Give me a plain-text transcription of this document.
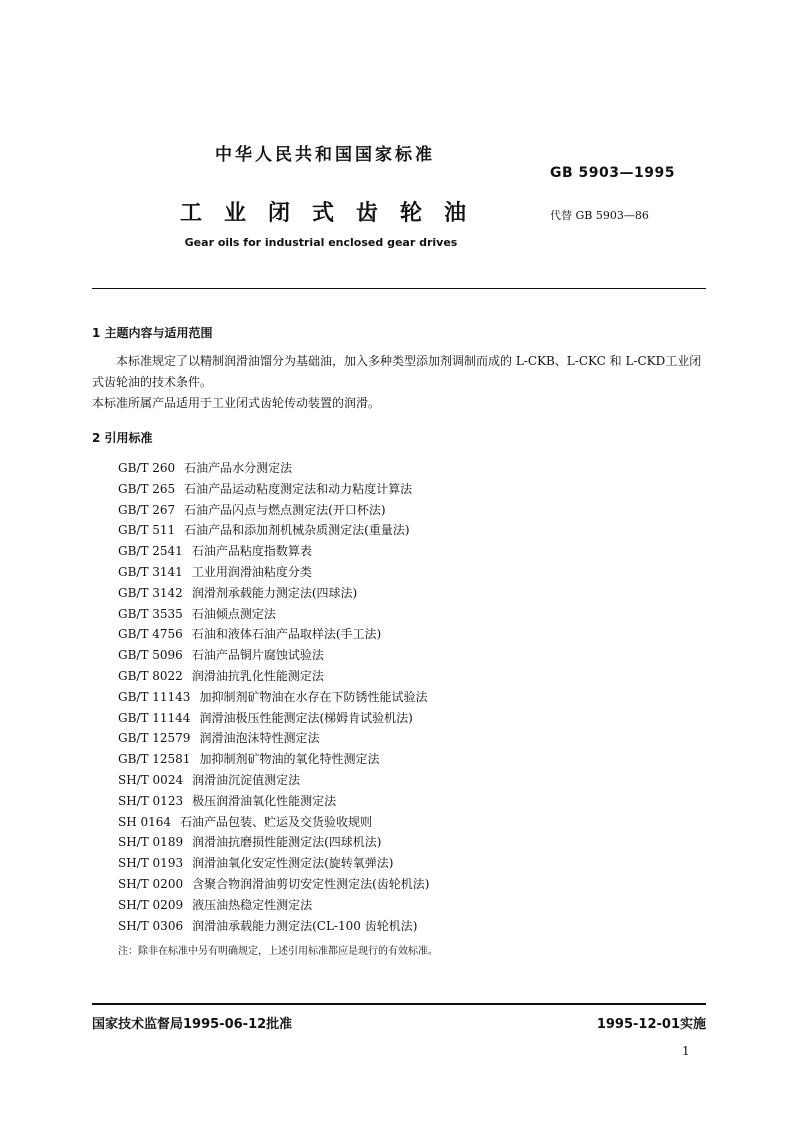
中华人民共和国国家标准
GB 5903—1995
工业闭式齿轮油	代替 GB 5903—86
Gear oils for industrial enclosed gear drives
1 主题内容与适用范围
本标准规定了以精制润滑油馏分为基础油，加入多种类型添加剂调制而成的 L-CKB、L-CKC 和 L-CKD工业闭式齿轮油的技术条件。
本标准所属产品适用于工业闭式齿轮传动装置的润滑。
2 引用标准
GB/T 260 石油产品水分测定法
GB/T 265 石油产品运动粘度测定法和动力粘度计算法
GB/T 267 石油产品闪点与燃点测定法(开口杯法)
GB/T 511 石油产品和添加剂机械杂质测定法(重量法)
GB/T 2541 石油产品粘度指数算表
GB/T 3141 工业用润滑油粘度分类
GB/T 3142 润滑剂承载能力测定法(四球法)
GB/T 3535 石油倾点测定法
GB/T 4756 石油和液体石油产品取样法(手工法)
GB/T 5096 石油产品铜片腐蚀试验法
GB/T 8022 润滑油抗乳化性能测定法
GB/T 11143 加抑制剂矿物油在水存在下防锈性能试验法
GB/T 11144 润滑油极压性能测定法(梯姆肯试验机法)
GB/T 12579 润滑油泡沫特性测定法
GB/T 12581 加抑制剂矿物油的氧化特性测定法
SH/T 0024 润滑油沉淀值测定法
SH/T 0123 极压润滑油氧化性能测定法
SH 0164 石油产品包装、贮运及交货验收规则
SH/T 0189 润滑油抗磨损性能测定法(四球机法)
SH/T 0193 润滑油氧化安定性测定法(旋转氧弹法)
SH/T 0200 含聚合物润滑油剪切安定性测定法(齿轮机法)
SH/T 0209 液压油热稳定性测定法
SH/T 0306 润滑油承载能力测定法(CL-100 齿轮机法)
注：除非在标准中另有明确规定，上述引用标准都应是现行的有效标准。
国家技术监督局1995-06-12批准	1995-12-01实施
1
